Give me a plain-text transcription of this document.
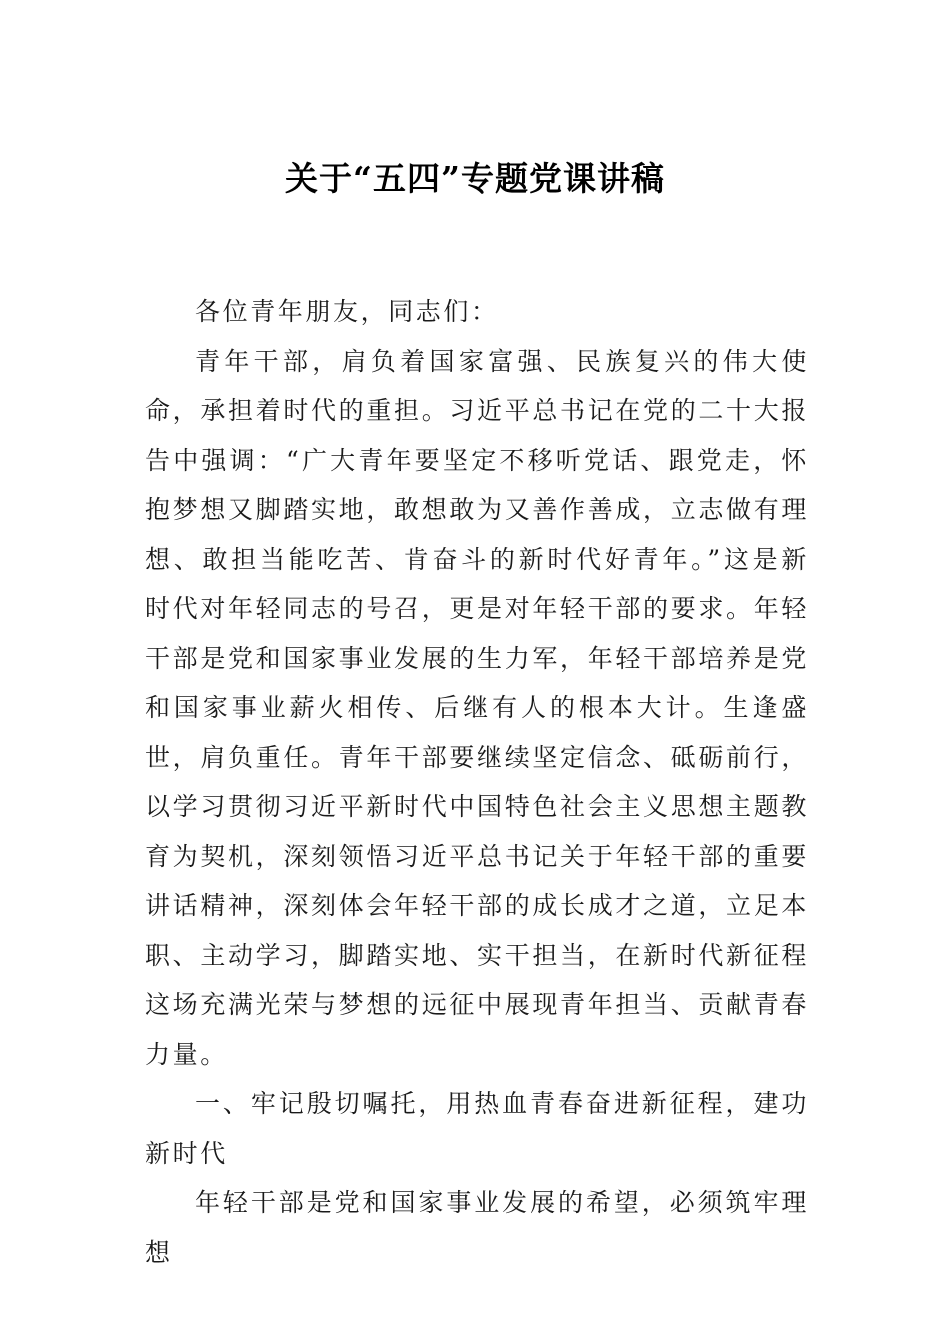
关于“五四”专题党课讲稿

各位青年朋友，同志们：

青年干部，肩负着国家富强、民族复兴的伟大使命，承担着时代的重担。习近平总书记在党的二十大报告中强调：“广大青年要坚定不移听党话、跟党走，怀抱梦想又脚踏实地，敢想敢为又善作善成，立志做有理想、敢担当能吃苦、肯奋斗的新时代好青年。”这是新时代对年轻同志的号召，更是对年轻干部的要求。年轻干部是党和国家事业发展的生力军，年轻干部培养是党和国家事业薪火相传、后继有人的根本大计。生逢盛世，肩负重任。青年干部要继续坚定信念、砥砺前行，以学习贯彻习近平新时代中国特色社会主义思想主题教育为契机，深刻领悟习近平总书记关于年轻干部的重要讲话精神，深刻体会年轻干部的成长成才之道，立足本职、主动学习，脚踏实地、实干担当，在新时代新征程这场充满光荣与梦想的远征中展现青年担当、贡献青春力量。

一、牢记殷切嘱托，用热血青春奋进新征程，建功新时代

年轻干部是党和国家事业发展的希望，必须筑牢理想
